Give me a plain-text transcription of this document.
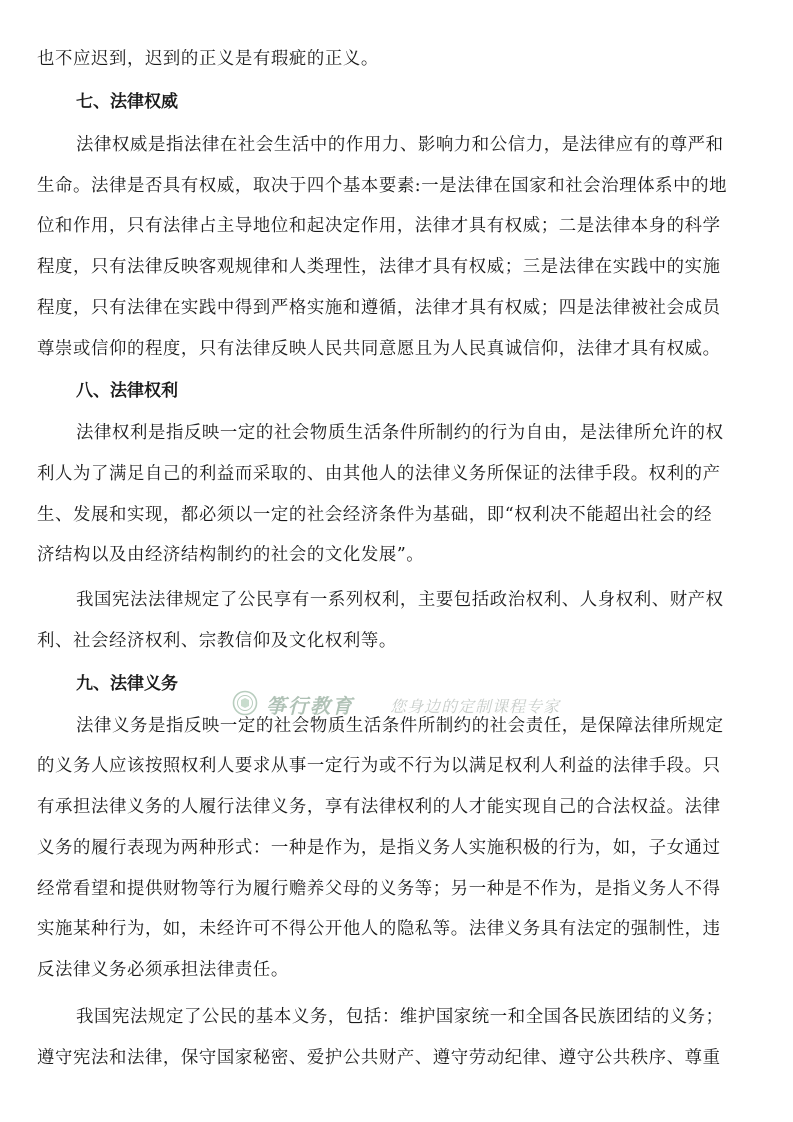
也不应迟到，迟到的正义是有瑕疵的正义。
七、法律权威
法律权威是指法律在社会生活中的作用力、影响力和公信力，是法律应有的尊严和
生命。法律是否具有权威，取决于四个基本要素:一是法律在国家和社会治理体系中的地
位和作用，只有法律占主导地位和起决定作用，法律才具有权威；二是法律本身的科学
程度，只有法律反映客观规律和人类理性，法律才具有权威；三是法律在实践中的实施
程度，只有法律在实践中得到严格实施和遵循，法律才具有权威；四是法律被社会成员
尊崇或信仰的程度，只有法律反映人民共同意愿且为人民真诚信仰，法律才具有权威。
八、法律权利
法律权利是指反映一定的社会物质生活条件所制约的行为自由，是法律所允许的权
利人为了满足自己的利益而采取的、由其他人的法律义务所保证的法律手段。权利的产
生、发展和实现，都必须以一定的社会经济条件为基础，即“权利决不能超出社会的经
济结构以及由经济结构制约的社会的文化发展”。
我国宪法法律规定了公民享有一系列权利，主要包括政治权利、人身权利、财产权
利、社会经济权利、宗教信仰及文化权利等。
九、法律义务
法律义务是指反映一定的社会物质生活条件所制约的社会责任，是保障法律所规定
的义务人应该按照权利人要求从事一定行为或不行为以满足权利人利益的法律手段。只
有承担法律义务的人履行法律义务，享有法律权利的人才能实现自己的合法权益。法律
义务的履行表现为两种形式：一种是作为，是指义务人实施积极的行为，如，子女通过
经常看望和提供财物等行为履行赡养父母的义务等；另一种是不作为，是指义务人不得
实施某种行为，如，未经许可不得公开他人的隐私等。法律义务具有法定的强制性，违
反法律义务必须承担法律责任。
我国宪法规定了公民的基本义务，包括：维护国家统一和全国各民族团结的义务；
遵守宪法和法律，保守国家秘密、爱护公共财产、遵守劳动纪律、遵守公共秩序、尊重
筝行教育 您身边的定制课程专家
